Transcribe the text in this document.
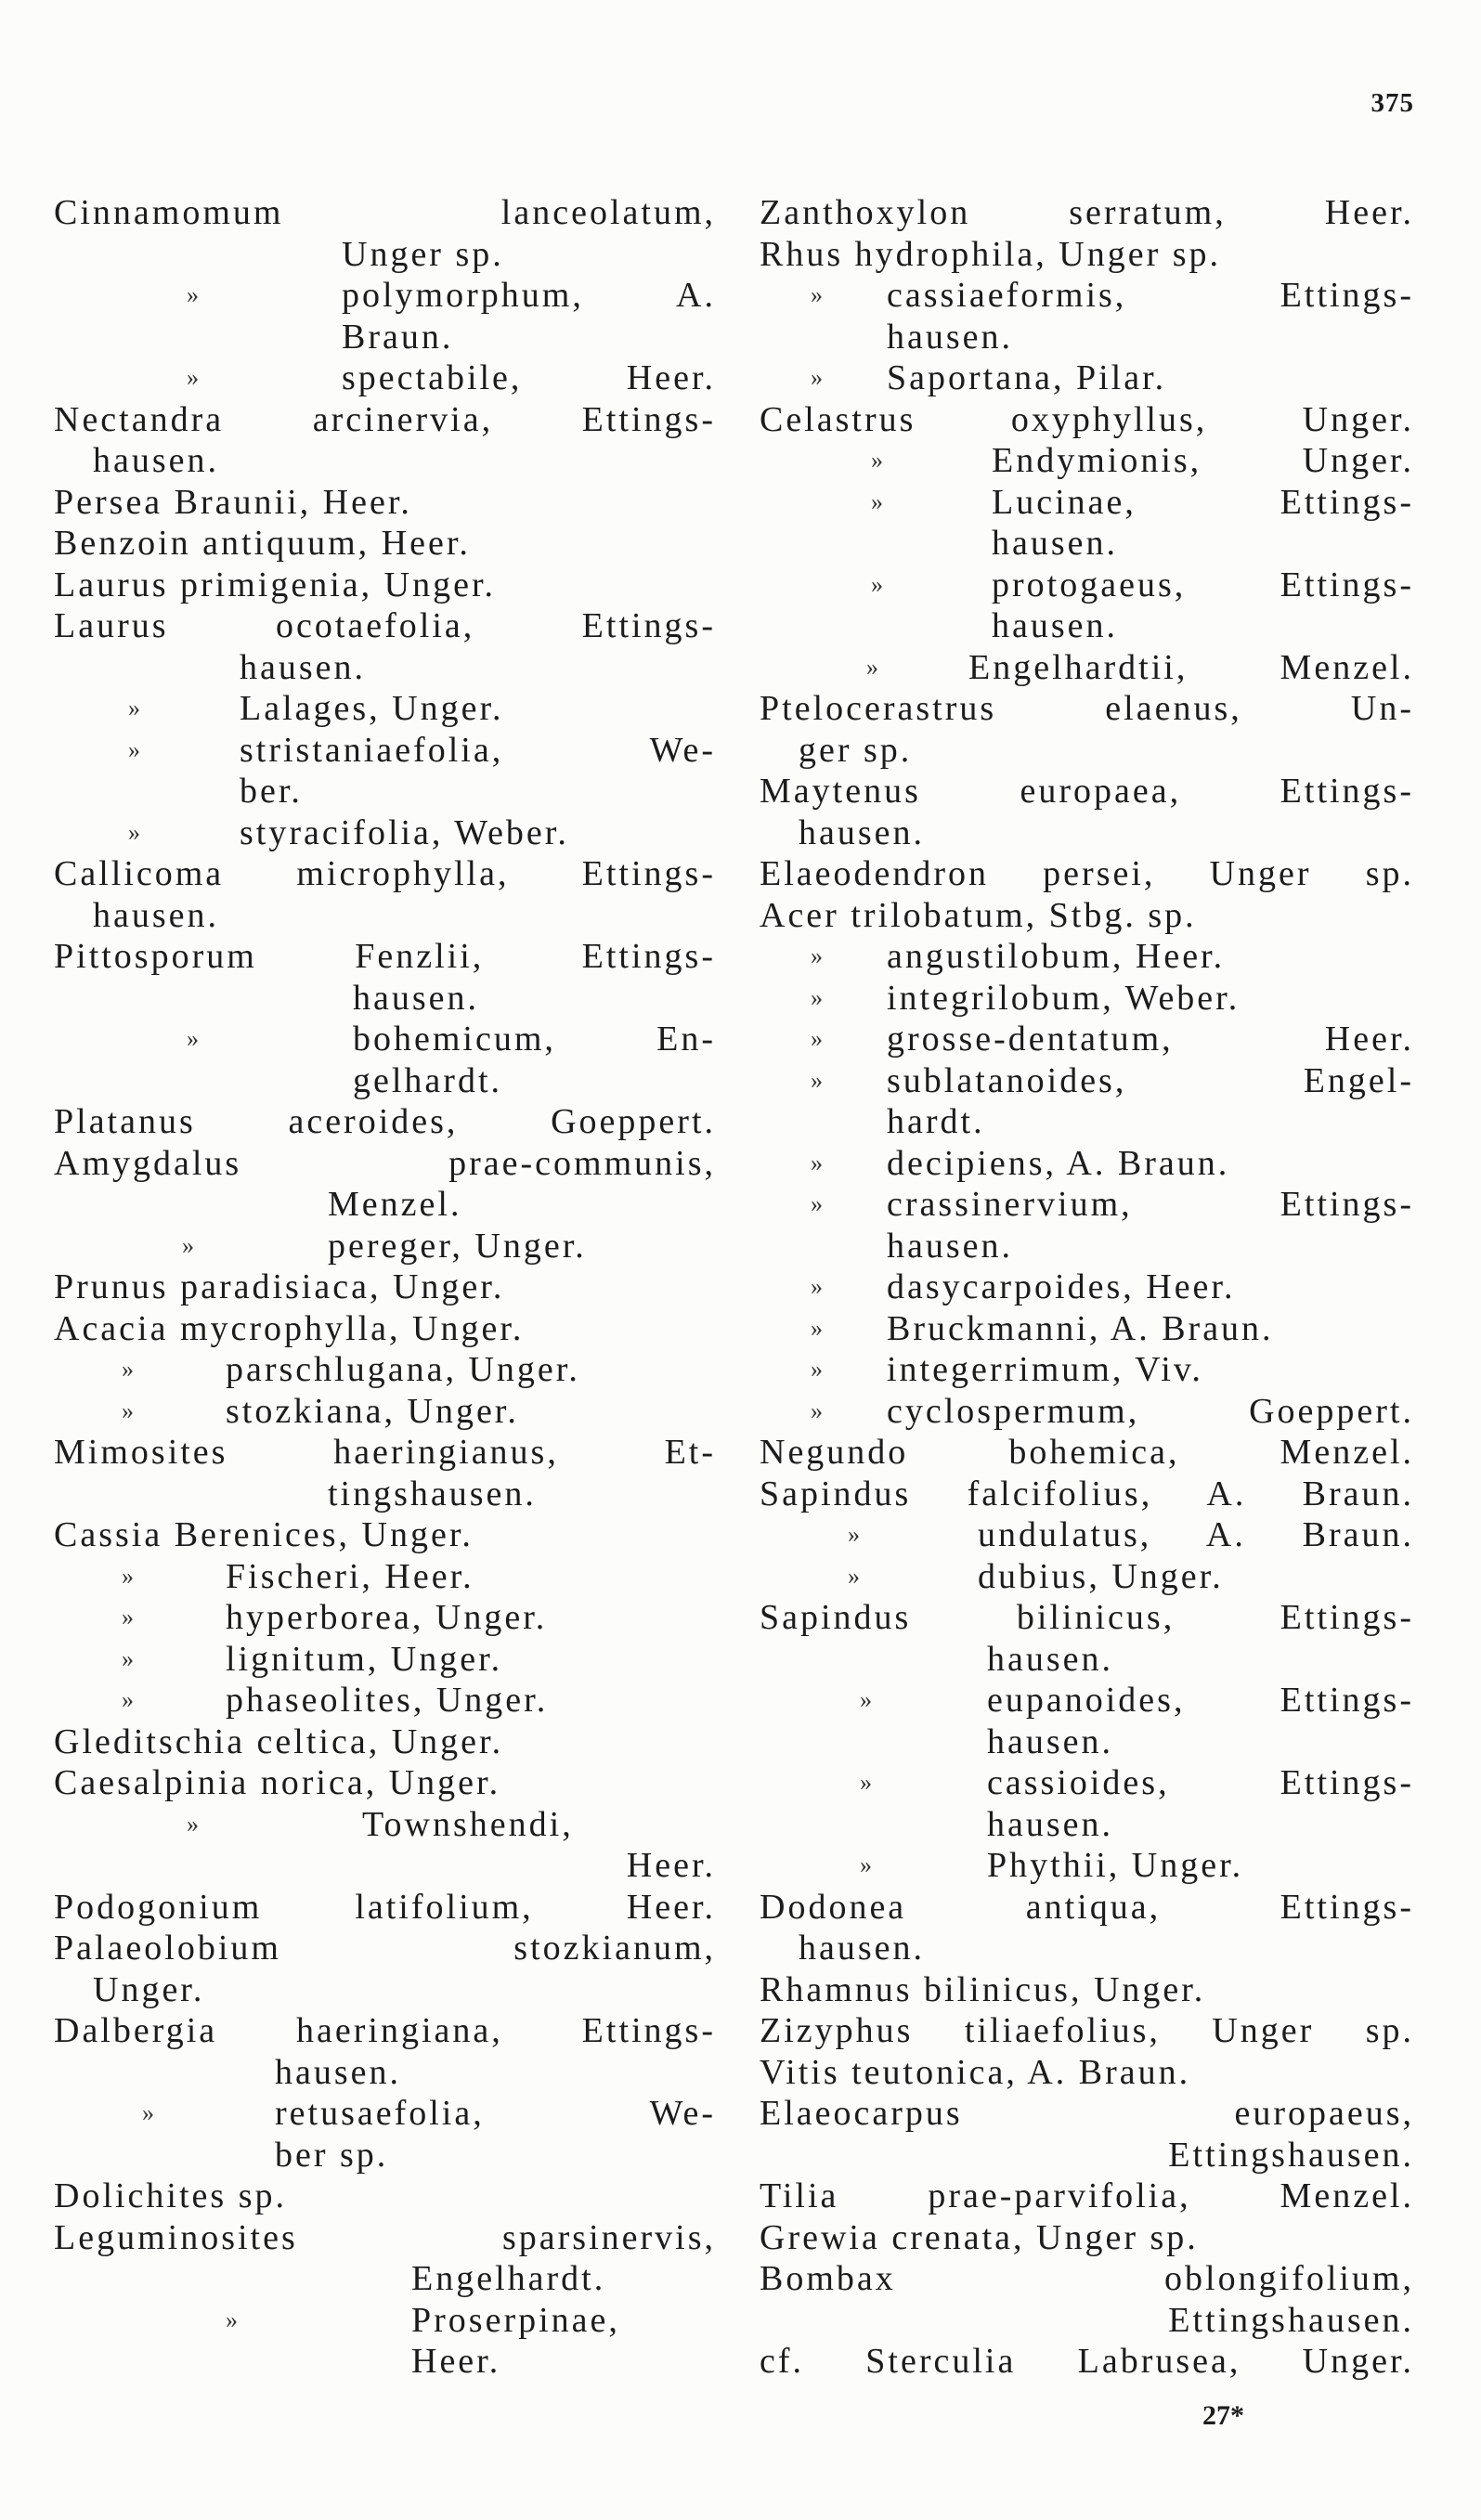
375
Cinnamomum lanceolatum,
Unger sp.
»	polymorphum, A.
Braun.
»	spectabile, Heer.
Nectandra arcinervia, Ettings-
hausen.
Persea Braunii, Heer.
Benzoin antiquum, Heer.
Laurus primigenia, Unger.
Laurus ocotaefolia, Ettings-
hausen.
»	Lalages, Unger.
»	stristaniaefolia, We-
ber.
»	styracifolia, Weber.
Callicoma microphylla, Ettings-
hausen.
Pittosporum Fenzlii, Ettings-
hausen.
»	bohemicum, En-
gelhardt.
Platanus aceroides, Goeppert.
Amygdalus prae-communis,
Menzel.
»	pereger, Unger.
Prunus paradisiaca, Unger.
Acacia mycrophylla, Unger.
»	parschlugana, Unger.
»	stozkiana, Unger.
Mimosites haeringianus, Et-
tingshausen.
Cassia Berenices, Unger.
»	Fischeri, Heer.
»	hyperborea, Unger.
»	lignitum, Unger.
»	phaseolites, Unger.
Gleditschia celtica, Unger.
Caesalpinia norica, Unger.
»	Townshendi,
Heer.
Podogonium latifolium, Heer.
Palaeolobium stozkianum,
Unger.
Dalbergia haeringiana, Ettings-
hausen.
»	retusaefolia, We-
ber sp.
Dolichites sp.
Leguminosites sparsinervis,
Engelhardt.
»	Proserpinae,
Heer.
Zanthoxylon serratum, Heer.
Rhus hydrophila, Unger sp.
» cassiaeformis, Ettings-
hausen.
» Saportana, Pilar.
Celastrus oxyphyllus, Unger.
»	Endymionis, Unger.
»	Lucinae, Ettings-
hausen.
»	protogaeus, Ettings-
hausen.
»	Engelhardtii, Menzel.
Ptelocerastrus elaenus, Un-
ger sp.
Maytenus europaea, Ettings-
hausen.
Elaeodendron persei, Unger sp.
Acer trilobatum, Stbg. sp.
» angustilobum, Heer.
» integrilobum, Weber.
» grosse-dentatum, Heer.
» sublatanoides, Engel-
hardt.
» decipiens, A. Braun.
» crassinervium, Ettings-
hausen.
» dasycarpoides, Heer.
» Bruckmanni, A. Braun.
» integerrimum, Viv.
» cyclospermum, Goeppert.
Negundo bohemica, Menzel.
Sapindus falcifolius, A. Braun.
»	undulatus, A. Braun.
»	dubius, Unger.
Sapindus bilinicus, Ettings-
hausen.
»	eupanoides, Ettings-
hausen.
»	cassioides, Ettings-
hausen.
»	Phythii, Unger.
Dodonea antiqua, Ettings-
hausen.
Rhamnus bilinicus, Unger.
Zizyphus tiliaefolius, Unger sp.
Vitis teutonica, A. Braun.
Elaeocarpus europaeus,
Ettingshausen.
Tilia prae-parvifolia, Menzel.
Grewia crenata, Unger sp.
Bombax oblongifolium,
Ettingshausen.
cf. Sterculia Labrusea, Unger.
27*
